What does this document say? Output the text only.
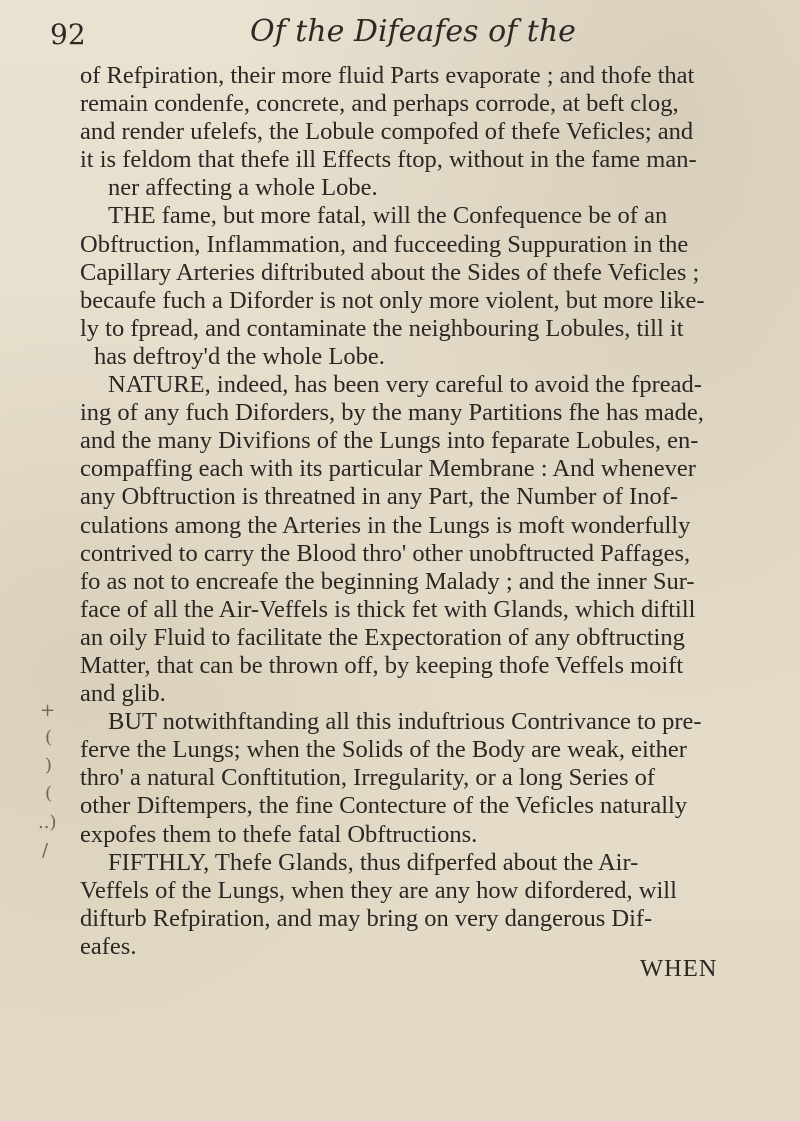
92	Of the Difeafes of the
of Refpiration, their more fluid Parts evaporate ; and thofe that
remain condenfe, concrete, and perhaps corrode, at beft clog,
and render ufelefs, the Lobule compofed of thefe Veficles; and
it is feldom that thefe ill Effects ftop, without in the fame man-
ner affecting a whole Lobe.
THE fame, but more fatal, will the Confequence be of an
Obftruction, Inflammation, and fucceeding Suppuration in the
Capillary Arteries diftributed about the Sides of thefe Veficles ;
becaufe fuch a Diforder is not only more violent, but more like-
ly to fpread, and contaminate the neighbouring Lobules, till it
has deftroy'd the whole Lobe.
NATURE, indeed, has been very careful to avoid the fpread-
ing of any fuch Diforders, by the many Partitions fhe has made,
and the many Divifions of the Lungs into feparate Lobules, en-
compaffing each with its particular Membrane : And whenever
any Obftruction is threatned in any Part, the Number of Inof-
culations among the Arteries in the Lungs is moft wonderfully
contrived to carry the Blood thro' other unobftructed Paffages,
fo as not to encreafe the beginning Malady ; and the inner Sur-
face of all the Air-Veffels is thick fet with Glands, which diftill
an oily Fluid to facilitate the Expectoration of any obftructing
Matter, that can be thrown off, by keeping thofe Veffels moift
and glib.
BUT notwithftanding all this induftrious Contrivance to pre-
ferve the Lungs; when the Solids of the Body are weak, either
thro' a natural Conftitution, Irregularity, or a long Series of
other Diftempers, the fine Contecture of the Veficles naturally
expofes them to thefe fatal Obftructions.
FIFTHLY, Thefe Glands, thus difperfed about the Air-
Veffels of the Lungs, when they are any how difordered, will
difturb Refpiration, and may bring on very dangerous Dif-
eafes.
WHEN
+
(
)
(
..)
/
